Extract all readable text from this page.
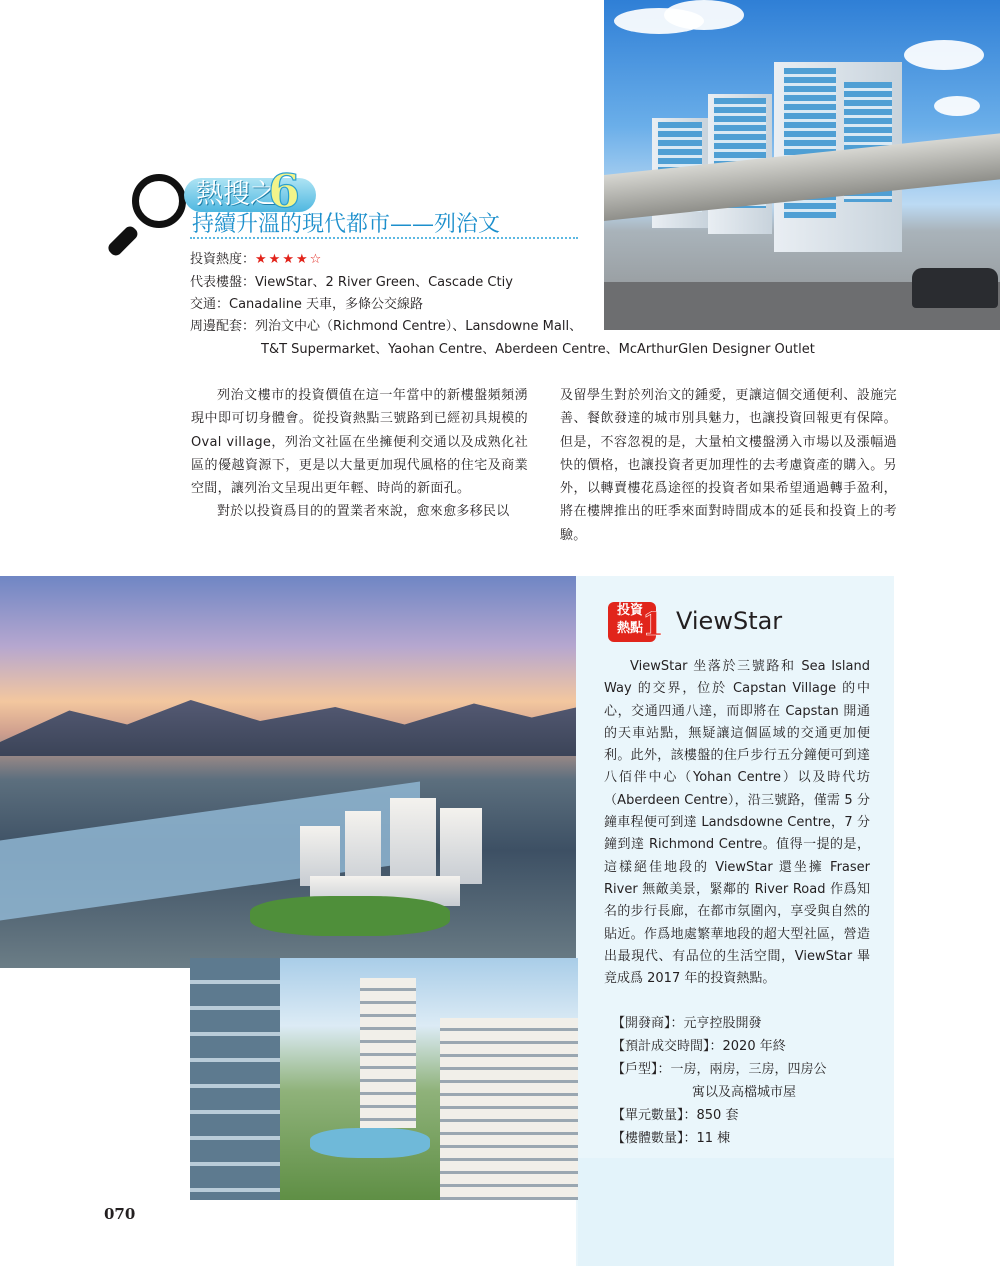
熱搜之
6
持續升溫的現代都市——列治文
投資熱度：★★★★☆
代表樓盤：ViewStar、2 River Green、Cascade Ctiy
交通：Canadaline 天車，多條公交線路
周邊配套：列治文中心（Richmond Centre）、Lansdowne Mall、
T&T Supermarket、Yaohan Centre、Aberdeen Centre、McArthurGlen Designer Outlet

列治文樓市的投資價值在這一年當中的新樓盤頻頻湧現中即可切身體會。從投資熱點三號路到已經初具規模的 Oval village，列治文社區在坐擁便利交通以及成熟化社區的優越資源下，更是以大量更加現代風格的住宅及商業空間，讓列治文呈現出更年輕、時尚的新面孔。

對於以投資爲目的的置業者來說，愈來愈多移民以

及留學生對於列治文的鍾愛，更讓這個交通便利、設施完善、餐飲發達的城市別具魅力，也讓投資回報更有保障。但是，不容忽視的是，大量柏文樓盤湧入市場以及漲幅過快的價格，也讓投資者更加理性的去考慮資產的購入。另外，以轉賣樓花爲途徑的投資者如果希望通過轉手盈利，將在樓牌推出的旺季來面對時間成本的延長和投資上的考驗。

投資
熱點 1 ViewStar

ViewStar 坐落於三號路和 Sea Island Way 的交界，位於 Capstan Village 的中心，交通四通八達，而即將在 Capstan 開通的天車站點，無疑讓這個區域的交通更加便利。此外，該樓盤的住戶步行五分鐘便可到達八佰伴中心（Yohan Centre）以及時代坊（Aberdeen Centre），沿三號路，僅需 5 分鐘車程便可到達 Landsdowne Centre，7 分鐘到達 Richmond Centre。值得一提的是，這樣絕佳地段的 ViewStar 還坐擁 Fraser River 無敵美景，緊鄰的 River Road 作爲知名的步行長廊，在都市氛圍內，享受與自然的貼近。作爲地處繁華地段的超大型社區，營造出最現代、有品位的生活空間，ViewStar 畢竟成爲 2017 年的投資熱點。

【開發商】：元亨控股開發
【預計成交時間】：2020 年終
【戶型】：一房，兩房，三房，四房公
寓以及高檔城市屋
【單元數量】：850 套
【樓體數量】：11 棟
070
